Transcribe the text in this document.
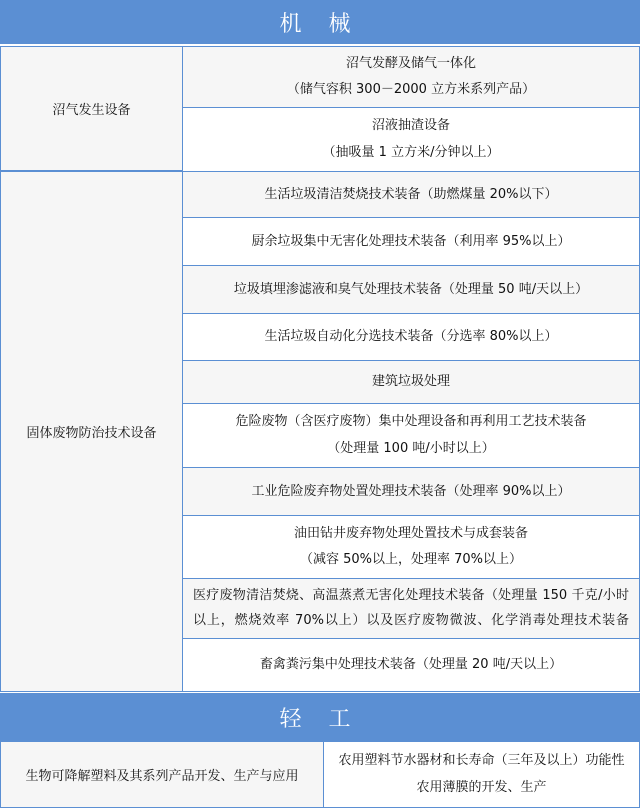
机 械
沼气发生设备
沼气发酵及储气一体化
（储气容积 300－2000 立方米系列产品）
沼液抽渣设备
（抽吸量 1 立方米/分钟以上）
固体废物防治技术设备
生活垃圾清洁焚烧技术装备（助燃煤量 20%以下）
厨余垃圾集中无害化处理技术装备（利用率 95%以上）
垃圾填埋渗滤液和臭气处理技术装备（处理量 50 吨/天以上）
生活垃圾自动化分选技术装备（分选率 80%以上）
建筑垃圾处理
危险废物（含医疗废物）集中处理设备和再利用工艺技术装备
（处理量 100 吨/小时以上）
工业危险废弃物处置处理技术装备（处理率 90%以上）
油田钻井废弃物处理处置技术与成套装备
（减容 50%以上，处理率 70%以上）
医疗废物清洁焚烧、高温蒸煮无害化处理技术装备（处理量 150 千克/小时
以上，燃烧效率 70%以上）以及医疗废物微波、化学消毒处理技术装备
畜禽粪污集中处理技术装备（处理量 20 吨/天以上）
轻 工
生物可降解塑料及其系列产品开发、生产与应用
农用塑料节水器材和长寿命（三年及以上）功能性
农用薄膜的开发、生产
